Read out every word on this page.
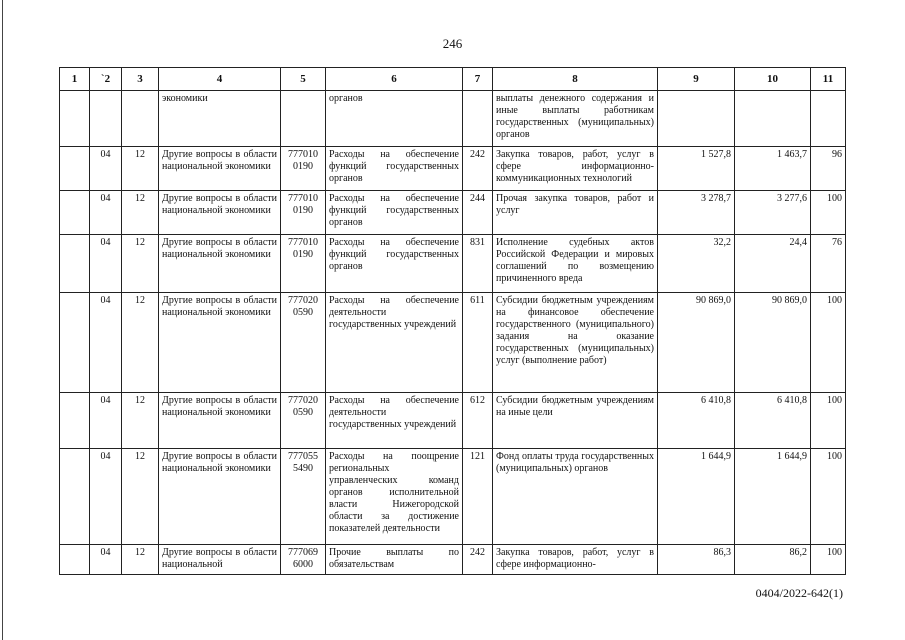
246
1	`2	3	4	5	6	7	8	9	10	11
			экономики		органов		выплаты денежного содержания и иные выплаты работникам государственных (муниципальных) органов			
	04	12	Другие вопросы в области национальной экономики	777010 0190	Расходы на обеспечение функций государственных органов	242	Закупка товаров, работ, услуг в сфере информационно-коммуникационных технологий	1 527,8	1 463,7	96
	04	12	Другие вопросы в области национальной экономики	777010 0190	Расходы на обеспечение функций государственных органов	244	Прочая закупка товаров, работ и услуг	3 278,7	3 277,6	100
	04	12	Другие вопросы в области национальной экономики	777010 0190	Расходы на обеспечение функций государственных органов	831	Исполнение судебных актов Российской Федерации и мировых соглашений по возмещению причиненного вреда	32,2	24,4	76
	04	12	Другие вопросы в области национальной экономики	777020 0590	Расходы на обеспечение деятельности государственных учреждений	611	Субсидии бюджетным учреждениям на финансовое обеспечение государственного (муниципального) задания на оказание государственных (муниципальных) услуг (выполнение работ)	90 869,0	90 869,0	100
	04	12	Другие вопросы в области национальной экономики	777020 0590	Расходы на обеспечение деятельности государственных учреждений	612	Субсидии бюджетным учреждениям на иные цели	6 410,8	6 410,8	100
	04	12	Другие вопросы в области национальной экономики	777055 5490	Расходы на поощрение региональных управленческих команд органов исполнительной власти Нижегородской области за достижение показателей деятельности	121	Фонд оплаты труда государственных (муниципальных) органов	1 644,9	1 644,9	100
	04	12	Другие вопросы в области национальной	777069 6000	Прочие выплаты по обязательствам	242	Закупка товаров, работ, услуг в сфере информационно-	86,3	86,2	100
0404/2022-642(1)
